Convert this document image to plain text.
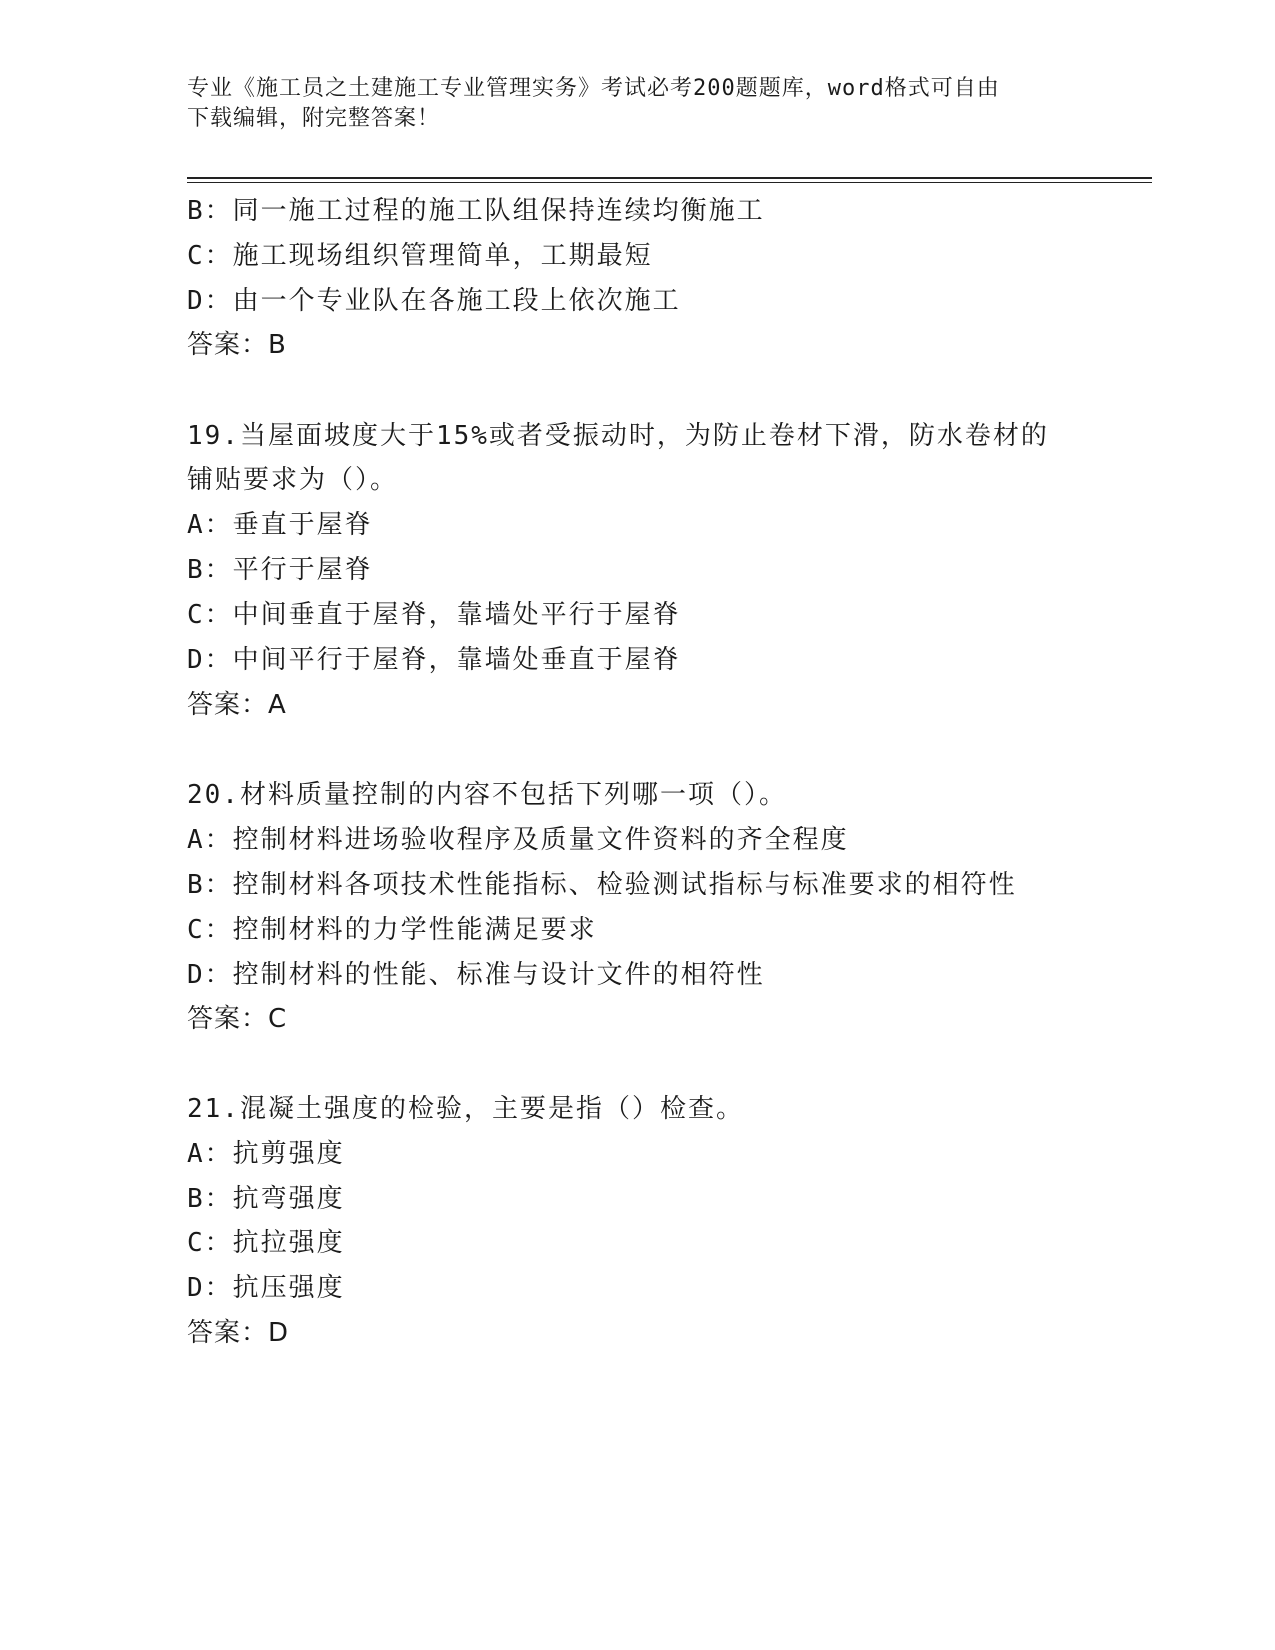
专业《施工员之土建施工专业管理实务》考试必考200题题库，word格式可自由
下载编辑，附完整答案！
B：同一施工过程的施工队组保持连续均衡施工
C：施工现场组织管理简单，工期最短
D：由一个专业队在各施工段上依次施工
答案：B
19.当屋面坡度大于15%或者受振动时，为防止卷材下滑，防水卷材的
铺贴要求为（）。
A：垂直于屋脊
B：平行于屋脊
C：中间垂直于屋脊，靠墙处平行于屋脊
D：中间平行于屋脊，靠墙处垂直于屋脊
答案：A
20.材料质量控制的内容不包括下列哪一项（）。
A：控制材料进场验收程序及质量文件资料的齐全程度
B：控制材料各项技术性能指标、检验测试指标与标准要求的相符性
C：控制材料的力学性能满足要求
D：控制材料的性能、标准与设计文件的相符性
答案：C
21.混凝土强度的检验，主要是指（）检查。
A：抗剪强度
B：抗弯强度
C：抗拉强度
D：抗压强度
答案：D
